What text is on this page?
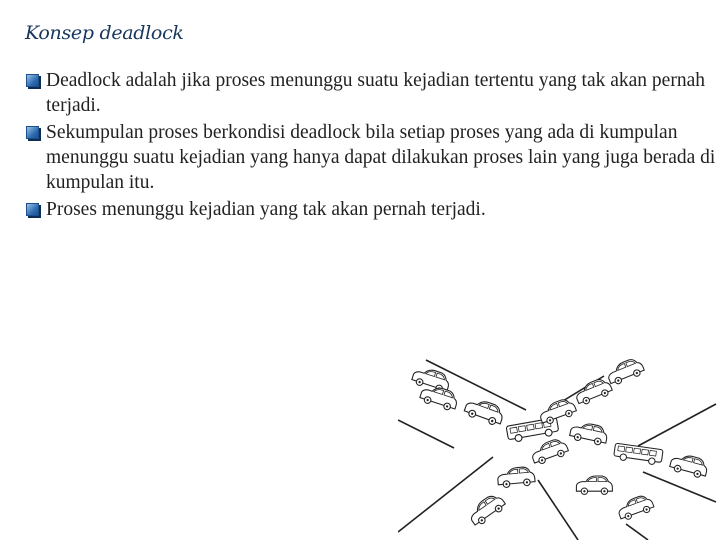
Konsep deadlock
Deadlock adalah jika proses menunggu suatu kejadian tertentu yang tak akan pernah terjadi.
Sekumpulan proses berkondisi deadlock bila setiap proses yang ada di kumpulan menunggu suatu kejadian yang hanya dapat dilakukan proses lain yang juga berada di kumpulan itu.
Proses menunggu kejadian yang tak akan pernah terjadi.
